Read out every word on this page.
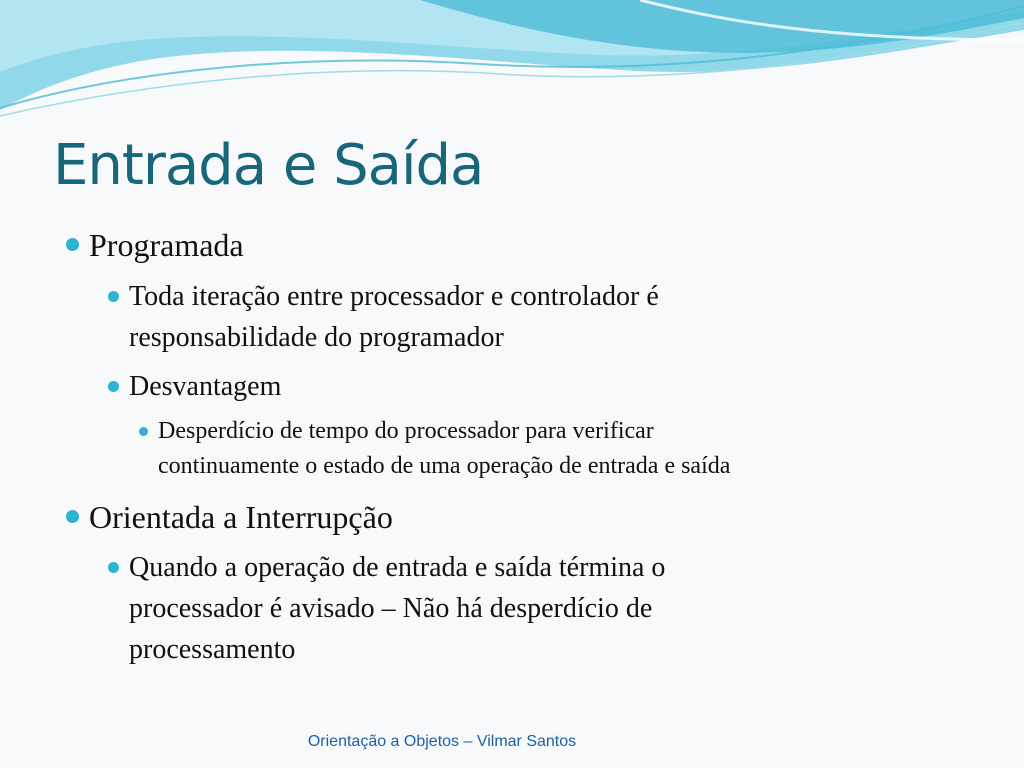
Entrada e Saída
Programada
Toda iteração entre processador e controlador é
responsabilidade do programador
Desvantagem
Desperdício de tempo do processador para verificar
continuamente o estado de uma operação de entrada e saída
Orientada a Interrupção
Quando a operação de entrada e saída términa o
processador é avisado – Não há desperdício de
processamento
Orientação a Objetos – Vilmar Santos
